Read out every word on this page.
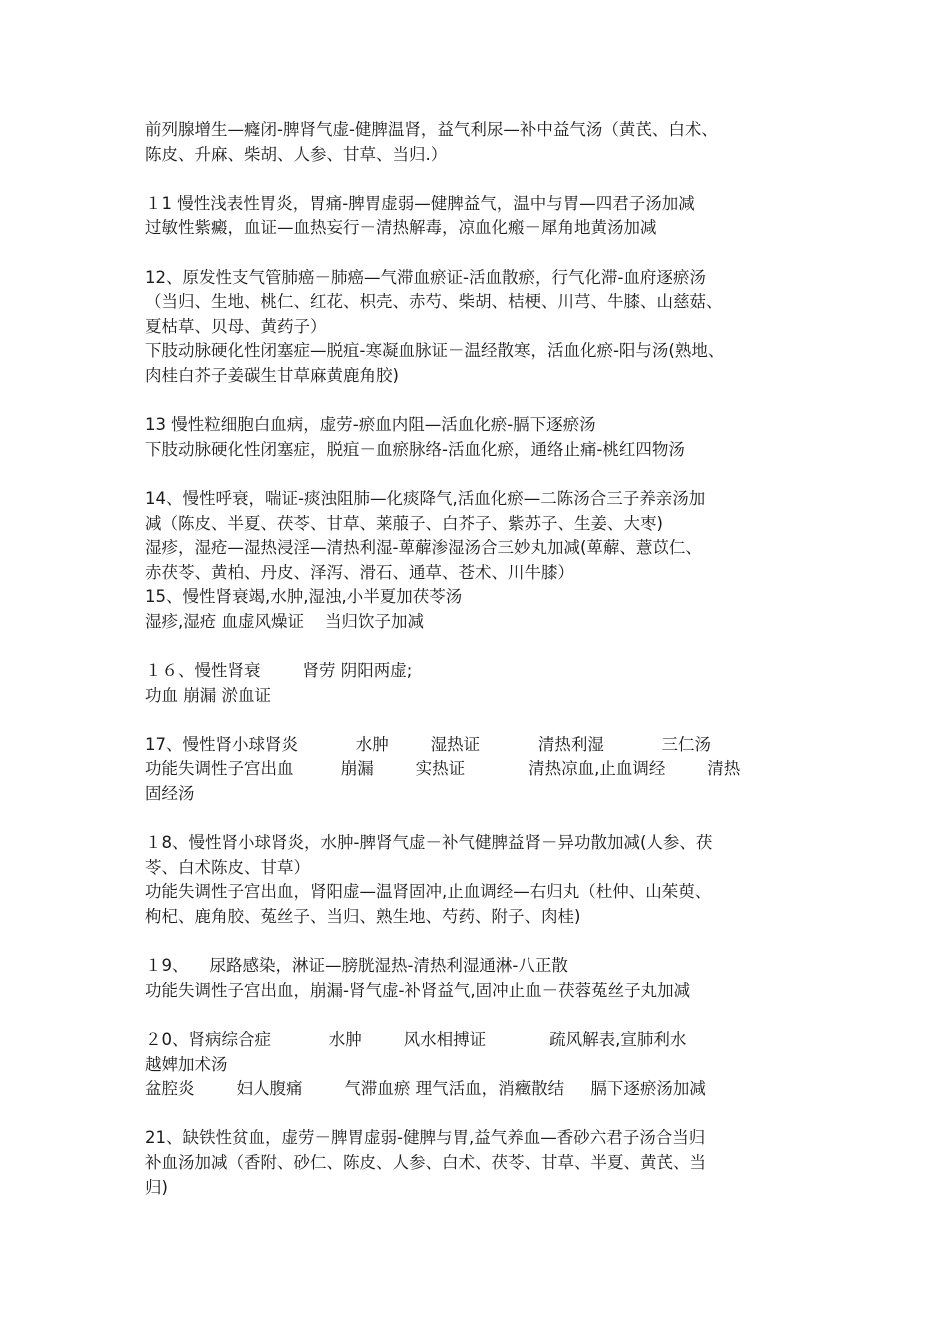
前列腺增生—癃闭-脾肾气虚-健脾温肾，益气利尿—补中益气汤（黄芪、白术、
陈皮、升麻、柴胡、人参、甘草、当归.）
１1 慢性浅表性胃炎，胃痛-脾胃虚弱—健脾益气，温中与胃—四君子汤加减
过敏性紫癜，血证—血热妄行－清热解毒，凉血化瘢－犀角地黄汤加减
12、原发性支气管肺癌－肺癌—气滞血瘀证-活血散瘀，行气化滞-血府逐瘀汤
（当归、生地、桃仁、红花、枳壳、赤芍、柴胡、桔梗、川芎、牛膝、山慈菇、
夏枯草、贝母、黄药子）
下肢动脉硬化性闭塞症—脱疽-寒凝血脉证－温经散寒，活血化瘀-阳与汤(熟地、
肉桂白芥子姜碳生甘草麻黄鹿角胶)
13 慢性粒细胞白血病，虚劳-瘀血内阻—活血化瘀-膈下逐瘀汤
下肢动脉硬化性闭塞症，脱疽－血瘀脉络-活血化瘀，通络止痛-桃红四物汤
14、慢性呼衰，喘证-痰浊阻肺—化痰降气,活血化瘀—二陈汤合三子养亲汤加
减（陈皮、半夏、茯苓、甘草、莱菔子、白芥子、紫苏子、生姜、大枣)
湿疹，湿疮—湿热浸淫—清热利湿-萆薢渗湿汤合三妙丸加减(萆薢、薏苡仁、
赤茯苓、黄柏、丹皮、泽泻、滑石、通草、苍术、川牛膝）
15、慢性肾衰竭,水肿,湿浊,小半夏加茯苓汤
湿疹,湿疮 血虚风燥证    当归饮子加减
１６、慢性肾衰        肾劳 阴阳两虚;
功血 崩漏 淤血证
17、慢性肾小球肾炎           水肿        湿热证           清热利湿           三仁汤
功能失调性子宫出血         崩漏        实热证            清热凉血,止血调经        清热
固经汤
１8、慢性肾小球肾炎，水肿-脾肾气虚－补气健脾益肾－异功散加减(人参、茯
苓、白术陈皮、甘草）
功能失调性子宫出血，肾阳虚—温肾固冲,止血调经—右归丸（杜仲、山茱萸、
枸杞、鹿角胶、菟丝子、当归、熟生地、芍药、附子、肉桂)
１9、    尿路感染，淋证—膀胱湿热-清热利湿通淋-八正散
功能失调性子宫出血，崩漏-肾气虚-补肾益气,固冲止血－茯蓉菟丝子丸加减
２0、肾病综合症           水肿        风水相搏证            疏风解表,宣肺利水
越婢加术汤
盆腔炎        妇人腹痛        气滞血瘀 理气活血，消癥散结     膈下逐瘀汤加减
21、缺铁性贫血，虚劳－脾胃虚弱-健脾与胃,益气养血—香砂六君子汤合当归
补血汤加减（香附、砂仁、陈皮、人参、白术、茯苓、甘草、半夏、黄芪、当
归)
